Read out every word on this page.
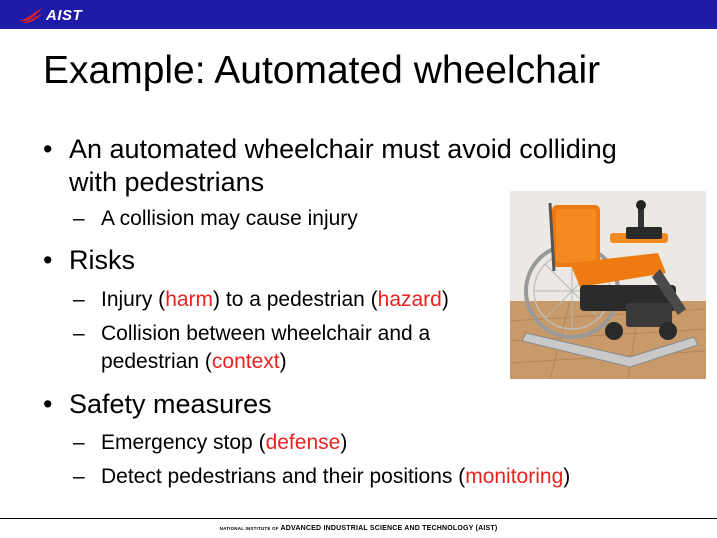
AIST
Example: Automated wheelchair
• An automated wheelchair must avoid colliding
with pedestrians
– A collision may cause injury
• Risks
– Injury (harm) to a pedestrian (hazard)
– Collision between wheelchair and a
pedestrian (context)
• Safety measures
– Emergency stop (defense)
– Detect pedestrians and their positions (monitoring)
NATIONAL INSTITUTE OF ADVANCED INDUSTRIAL SCIENCE AND TECHNOLOGY (AIST)
